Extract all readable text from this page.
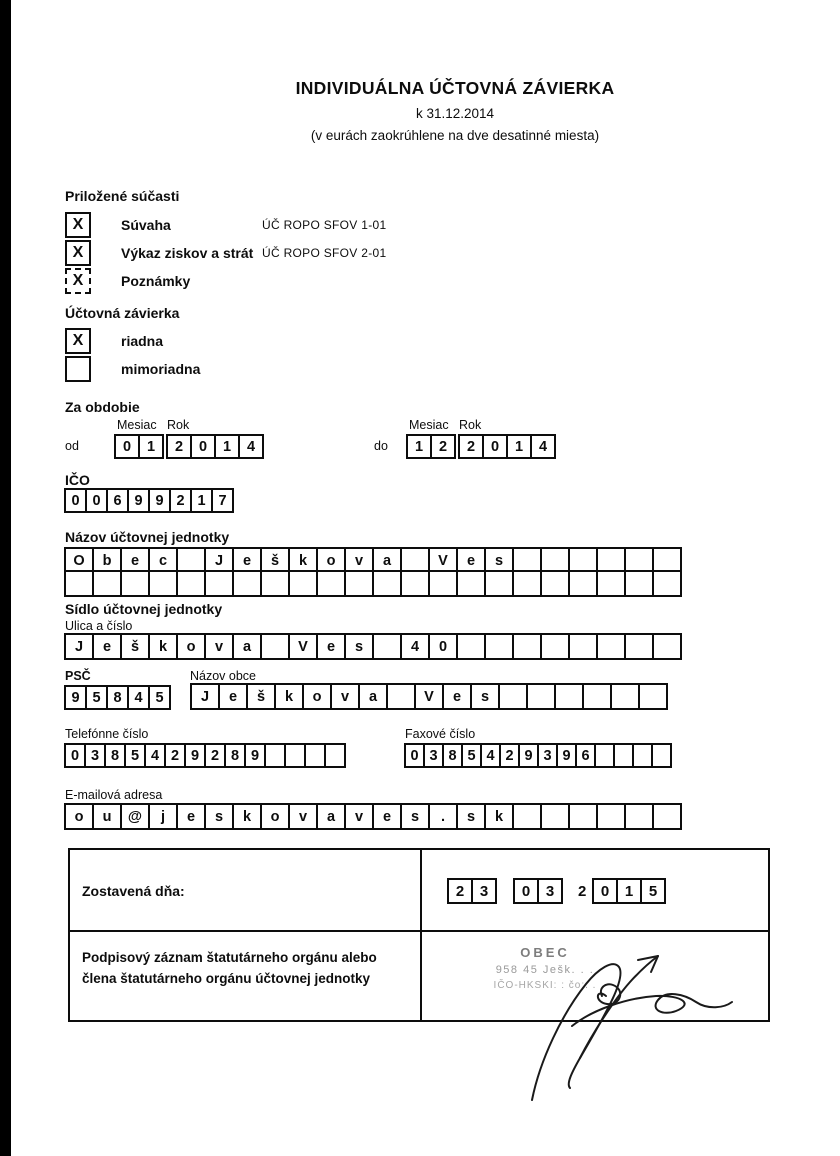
INDIVIDUÁLNA ÚČTOVNÁ ZÁVIERKA
k 31.12.2014
(v eurách zaokrúhlene na dve desatinné miesta)
Priložené súčasti
X	Súvaha	ÚČ ROPO SFOV 1-01
X	Výkaz ziskov a strát ÚČ ROPO SFOV 2-01
X	Poznámky
Účtovná závierka
X	riadna
mimoriadna
Za obdobie
Mesiac Rok
od	0	1	2	0	1	4
Mesiac Rok
do	1	2	2	0	1	4
IČO
0 0 6 9 9 2 1 7
Názov účtovnej jednotky
O	b	e	c	J	e	š	k	o	v	a	V	e	s
Sídlo účtovnej jednotky
Ulica a číslo
J	e	š	k	o	v	a	V	e	s	4	0
PSČ
9 5 8 4 5
Názov obce
J	e	š	k	o	v	a	V	e	s
Telefónne číslo
0 3 8 5 4 2 9 2 8 9
Faxové číslo
0 3 8 5 4 2 9 3 9 6
E-mailová adresa
o	u	@	j	e	s	k	o	v	a	v	e	s	.	s	k
Zostavená dňa:	2	3	0	3	2 0	1	5
Podpisový záznam štatutárneho orgánu alebo
člena štatutárneho orgánu účtovnej jednotky
OBEC
958 45 Ješk. . .
IČO-HKSKI: : čo:. .
